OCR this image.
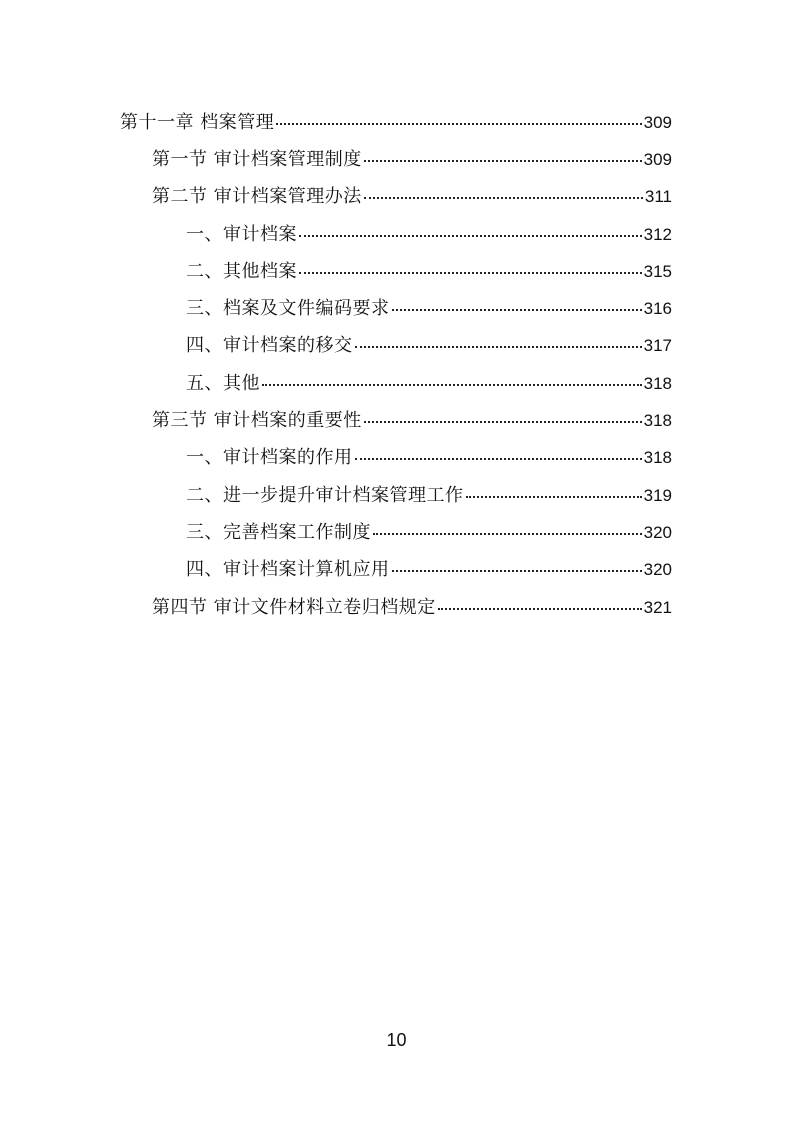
第十一章 档案管理	309
第一节 审计档案管理制度	309
第二节 审计档案管理办法	311
一、审计档案	312
二、其他档案	315
三、档案及文件编码要求	316
四、审计档案的移交	317
五、其他	318
第三节 审计档案的重要性	318
一、审计档案的作用	318
二、进一步提升审计档案管理工作	319
三、完善档案工作制度	320
四、审计档案计算机应用	320
第四节 审计文件材料立卷归档规定	321
10
